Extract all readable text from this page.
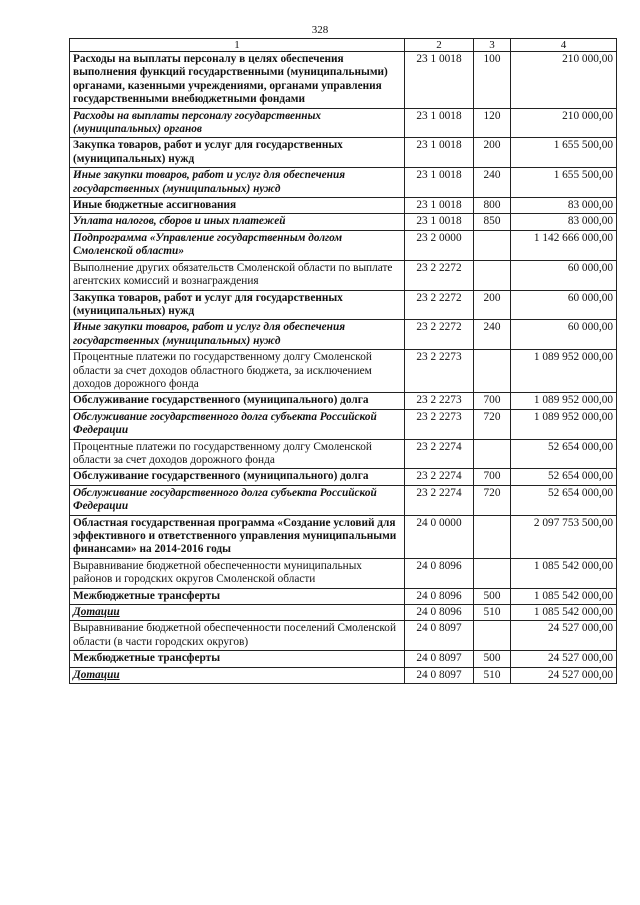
328
1	2	3	4
Расходы на выплаты персоналу в целях обеспечения выполнения функций государственными (муниципальными) органами, казенными учреждениями, органами управления государственными внебюджетными фондами	23 1 0018	100	210 000,00
Расходы на выплаты персоналу государственных (муниципальных) органов	23 1 0018	120	210 000,00
Закупка товаров, работ и услуг для государственных (муниципальных) нужд	23 1 0018	200	1 655 500,00
Иные закупки товаров, работ и услуг для обеспечения государственных (муниципальных) нужд	23 1 0018	240	1 655 500,00
Иные бюджетные ассигнования	23 1 0018	800	83 000,00
Уплата налогов, сборов и иных платежей	23 1 0018	850	83 000,00
Подпрограмма «Управление государственным долгом Смоленской области»	23 2 0000		1 142 666 000,00
Выполнение других обязательств Смоленской области по выплате агентских комиссий и вознаграждения	23 2 2272		60 000,00
Закупка товаров, работ и услуг для государственных (муниципальных) нужд	23 2 2272	200	60 000,00
Иные закупки товаров, работ и услуг для обеспечения государственных (муниципальных) нужд	23 2 2272	240	60 000,00
Процентные платежи по государственному долгу Смоленской области за счет доходов областного бюджета, за исключением доходов дорожного фонда	23 2 2273		1 089 952 000,00
Обслуживание государственного (муниципального) долга	23 2 2273	700	1 089 952 000,00
Обслуживание государственного долга субъекта Российской Федерации	23 2 2273	720	1 089 952 000,00
Процентные платежи по государственному долгу Смоленской области за счет доходов дорожного фонда	23 2 2274		52 654 000,00
Обслуживание государственного (муниципального) долга	23 2 2274	700	52 654 000,00
Обслуживание государственного долга субъекта Российской Федерации	23 2 2274	720	52 654 000,00
Областная государственная программа «Создание условий для эффективного и ответственного управления муниципальными финансами» на 2014-2016 годы	24 0 0000		2 097 753 500,00
Выравнивание бюджетной обеспеченности муниципальных районов и городских округов Смоленской области	24 0 8096		1 085 542 000,00
Межбюджетные трансферты	24 0 8096	500	1 085 542 000,00
Дотации	24 0 8096	510	1 085 542 000,00
Выравнивание бюджетной обеспеченности поселений Смоленской области (в части городских округов)	24 0 8097		24 527 000,00
Межбюджетные трансферты	24 0 8097	500	24 527 000,00
Дотации	24 0 8097	510	24 527 000,00
